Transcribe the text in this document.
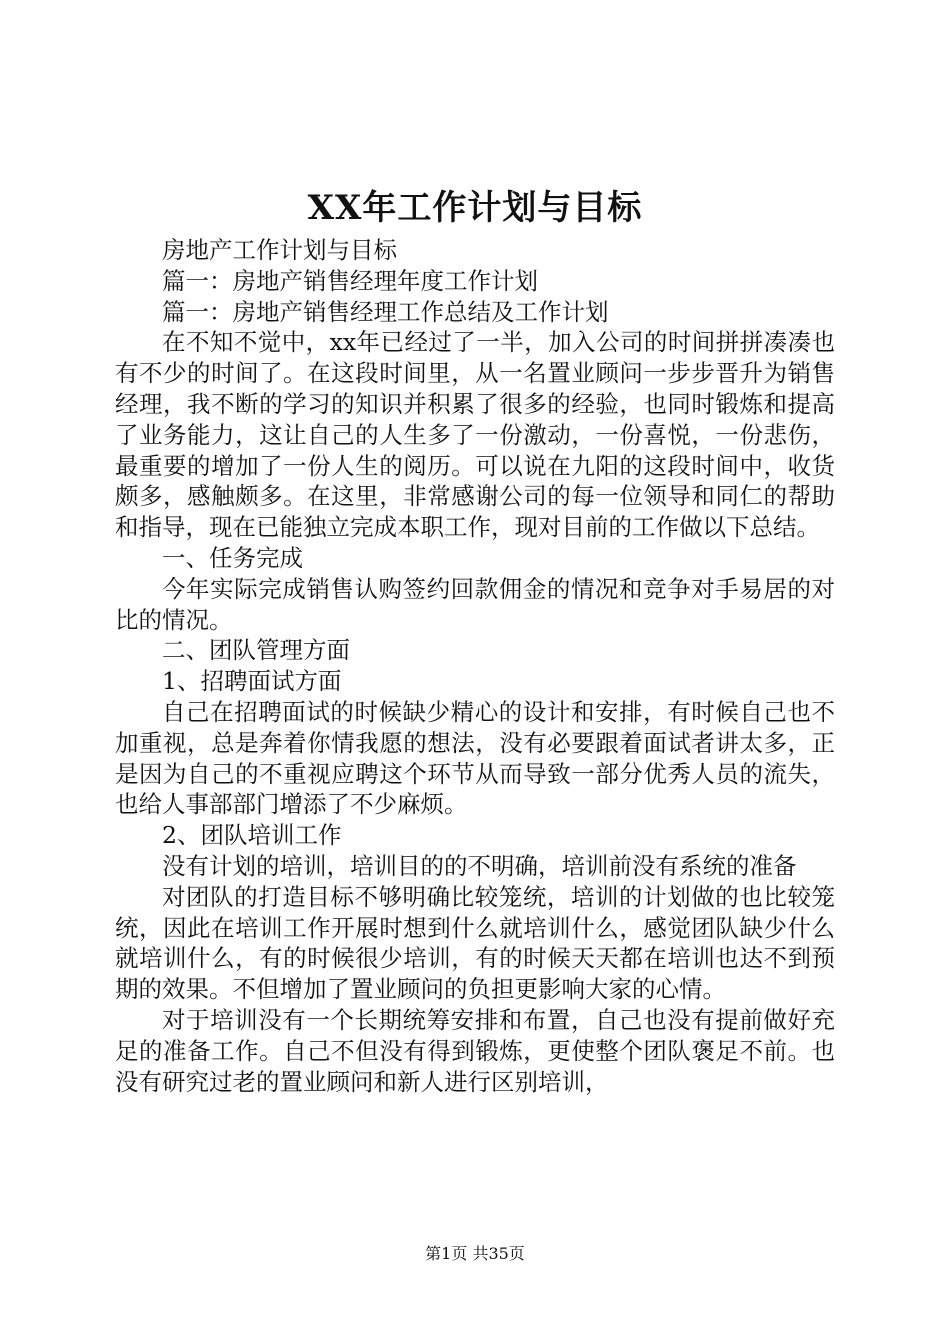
XX年工作计划与目标

房地产工作计划与目标

篇一：房地产销售经理年度工作计划

篇一：房地产销售经理工作总结及工作计划

在不知不觉中，xx年已经过了一半，加入公司的时间拼拼凑凑也有不少的时间了。在这段时间里，从一名置业顾问一步步晋升为销售经理，我不断的学习的知识并积累了很多的经验，也同时锻炼和提高了业务能力，这让自己的人生多了一份激动，一份喜悦，一份悲伤，最重要的增加了一份人生的阅历。可以说在九阳的这段时间中，收货颇多，感触颇多。在这里，非常感谢公司的每一位领导和同仁的帮助和指导，现在已能独立完成本职工作，现对目前的工作做以下总结。

一、任务完成

今年实际完成销售认购签约回款佣金的情况和竞争对手易居的对比的情况。

二、团队管理方面

1、招聘面试方面

自己在招聘面试的时候缺少精心的设计和安排，有时候自己也不加重视，总是奔着你情我愿的想法，没有必要跟着面试者讲太多，正是因为自己的不重视应聘这个环节从而导致一部分优秀人员的流失，也给人事部部门增添了不少麻烦。

2、团队培训工作

没有计划的培训，培训目的的不明确，培训前没有系统的准备

对团队的打造目标不够明确比较笼统，培训的计划做的也比较笼统，因此在培训工作开展时想到什么就培训什么，感觉团队缺少什么就培训什么，有的时候很少培训，有的时候天天都在培训也达不到预期的效果。不但增加了置业顾问的负担更影响大家的心情。

对于培训没有一个长期统筹安排和布置，自己也没有提前做好充足的准备工作。自己不但没有得到锻炼，更使整个团队褒足不前。也没有研究过老的置业顾问和新人进行区别培训，

第1页 共35页
